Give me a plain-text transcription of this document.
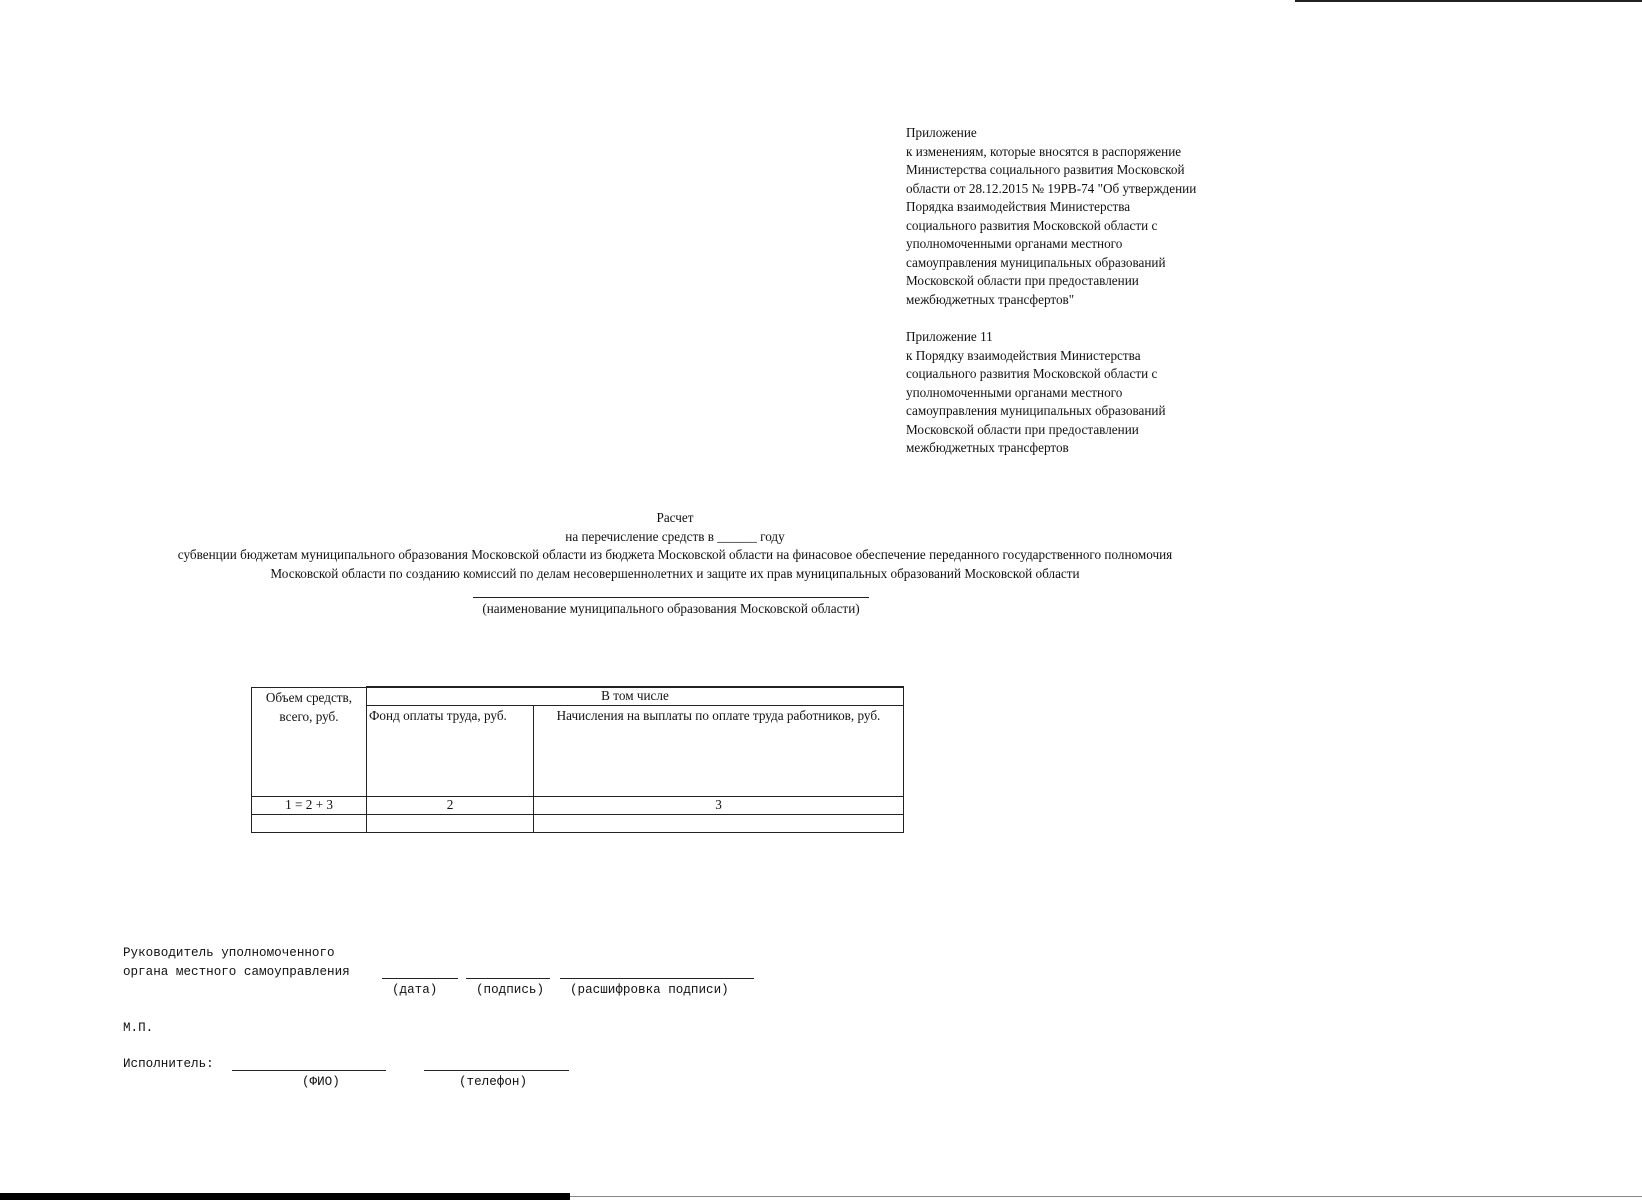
Приложение
к изменениям, которые вносятся в распоряжение
Министерства социального развития Московской
области от 28.12.2015 № 19РВ-74 "Об утверждении
Порядка взаимодействия Министерства
социального развития Московской области с
уполномоченными органами местного
самоуправления муниципальных образований
Московской области при предоставлении
межбюджетных трансфертов"
Приложение 11
к Порядку взаимодействия Министерства
социального развития Московской области с
уполномоченными органами местного
самоуправления муниципальных образований
Московской области при предоставлении
межбюджетных трансфертов
Расчет
на перечисление средств в ______ году
субвенции бюджетам муниципального образования Московской области из бюджета Московской области на финасовое обеспечение переданного государственного полномочия
Московской области по созданию комиссий по делам несовершеннолетних и защите их прав муниципальных образований Московской области
(наименование муниципального образования Московской области)
Объем средств,
всего, руб.	В том числе	
	Фонд оплаты труда, руб.	Начисления на выплаты по оплате труда работников, руб.
1 = 2 + 3	2	3

Руководитель уполномоченного
органа местного самоуправления
(дата)	(подпись) (расшифровка подписи)
М.П.
Исполнитель:
(ФИО)	(телефон)
